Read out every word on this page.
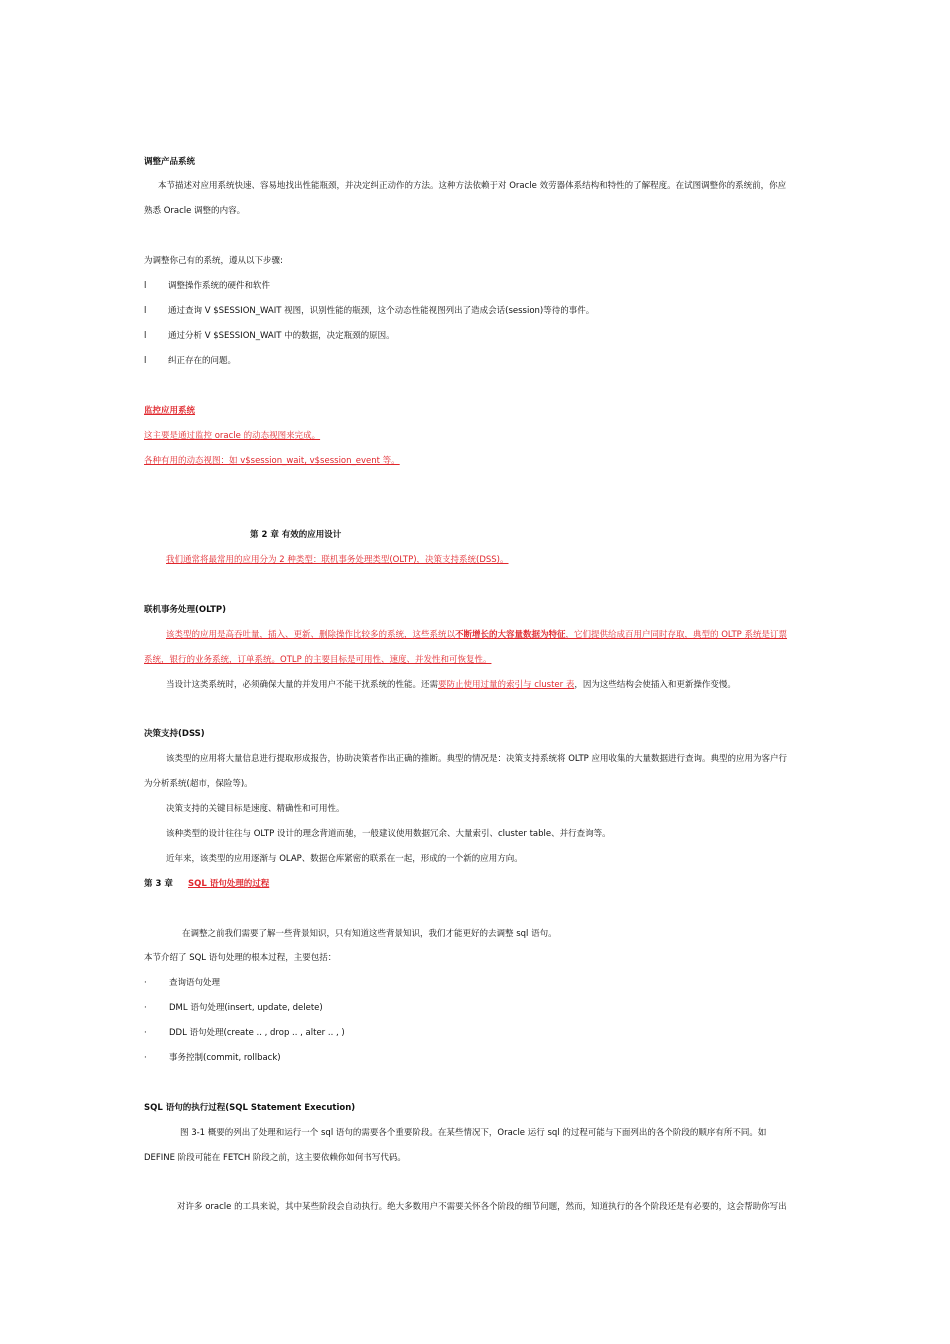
调整产品系统
本节描述对应用系统快速、容易地找出性能瓶颈，并决定纠正动作的方法。这种方法依赖于对 Oracle 效劳器体系结构和特性的了解程度。在试图调整你的系统前，你应
熟悉 Oracle 调整的内容。
为调整你己有的系统，遵从以下步骤:
l	调整操作系统的硬件和软件
l	通过查询 V $SESSION_WAIT 视图，识别性能的瓶颈，这个动态性能视图列出了造成会话(session)等待的事件。
l	通过分析 V $SESSION_WAIT 中的数据，决定瓶颈的原因。
l	纠正存在的问题。
监控应用系统
这主要是通过监控 oracle 的动态视图来完成。
各种有用的动态视图：如 v$session_wait, v$session_event 等。
第 2 章 有效的应用设计
我们通常将最常用的应用分为 2 种类型：联机事务处理类型(OLTP)，决策支持系统(DSS)。
联机事务处理(OLTP)
该类型的应用是高吞吐量，插入、更新、删除操作比较多的系统，这些系统以不断增长的大容量数据为特征，它们提供给成百用户同时存取，典型的 OLTP 系统是订票
系统，银行的业务系统，订单系统。OTLP 的主要目标是可用性、速度、并发性和可恢复性。
当设计这类系统时，必须确保大量的并发用户不能干扰系统的性能。还需要防止使用过量的索引与 cluster 表，因为这些结构会使插入和更新操作变慢。
决策支持(DSS)
该类型的应用将大量信息进行提取形成报告，协助决策者作出正确的推断。典型的情况是：决策支持系统将 OLTP 应用收集的大量数据进行查询。典型的应用为客户行
为分析系统(超市，保险等)。
决策支持的关键目标是速度、精确性和可用性。
该种类型的设计往往与 OLTP 设计的理念背道而驰，一般建议使用数据冗余、大量索引、cluster table、并行查询等。
近年来，该类型的应用逐渐与 OLAP、数据仓库紧密的联系在一起，形成的一个新的应用方向。
第 3 章 SQL 语句处理的过程
在调整之前我们需要了解一些背景知识，只有知道这些背景知识，我们才能更好的去调整 sql 语句。
本节介绍了 SQL 语句处理的根本过程，主要包括：
·	查询语句处理
·	DML 语句处理(insert, update, delete)
·	DDL 语句处理(create .. , drop .. , alter .. , )
·	事务控制(commit, rollback)
SQL 语句的执行过程(SQL Statement Execution)
图 3-1 概要的列出了处理和运行一个 sql 语句的需要各个重要阶段。在某些情况下，Oracle 运行 sql 的过程可能与下面列出的各个阶段的顺序有所不同。如
DEFINE 阶段可能在 FETCH 阶段之前，这主要依赖你如何书写代码。
对许多 oracle 的工具来说，其中某些阶段会自动执行。绝大多数用户不需要关怀各个阶段的细节问题，然而，知道执行的各个阶段还是有必要的，这会帮助你写出
